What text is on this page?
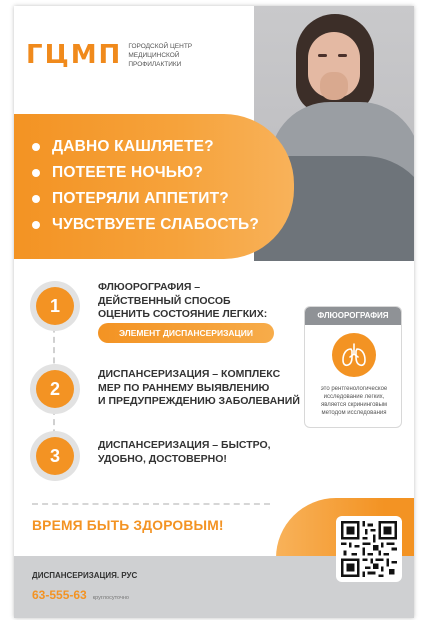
ГЦМП ГОРОДСКОЙ ЦЕНТР МЕДИЦИНСКОЙ ПРОФИЛАКТИКИ
ДАВНО КАШЛЯЕТЕ?
ПОТЕЕТЕ НОЧЬЮ?
ПОТЕРЯЛИ АППЕТИТ?
ЧУВСТВУЕТЕ СЛАБОСТЬ?
1
ФЛЮОРОГРАФИЯ –
ДЕЙСТВЕННЫЙ СПОСОБ
ОЦЕНИТЬ СОСТОЯНИЕ ЛЕГКИХ:
ЭЛЕМЕНТ ДИСПАНСЕРИЗАЦИИ
2
ДИСПАНСЕРИЗАЦИЯ – КОМПЛЕКС
МЕР ПО РАННЕМУ ВЫЯВЛЕНИЮ
И ПРЕДУПРЕЖДЕНИЮ ЗАБОЛЕВАНИЙ
3
ДИСПАНСЕРИЗАЦИЯ – БЫСТРО,
УДОБНО, ДОСТОВЕРНО!
ФЛЮОРОГРАФИЯ
это рентгенологическое исследование легких, является скрининговым методом исследования
ВРЕМЯ БЫТЬ ЗДОРОВЫМ!
ДИСПАНСЕРИЗАЦИЯ. РУС
63-555-63 круглосуточно
